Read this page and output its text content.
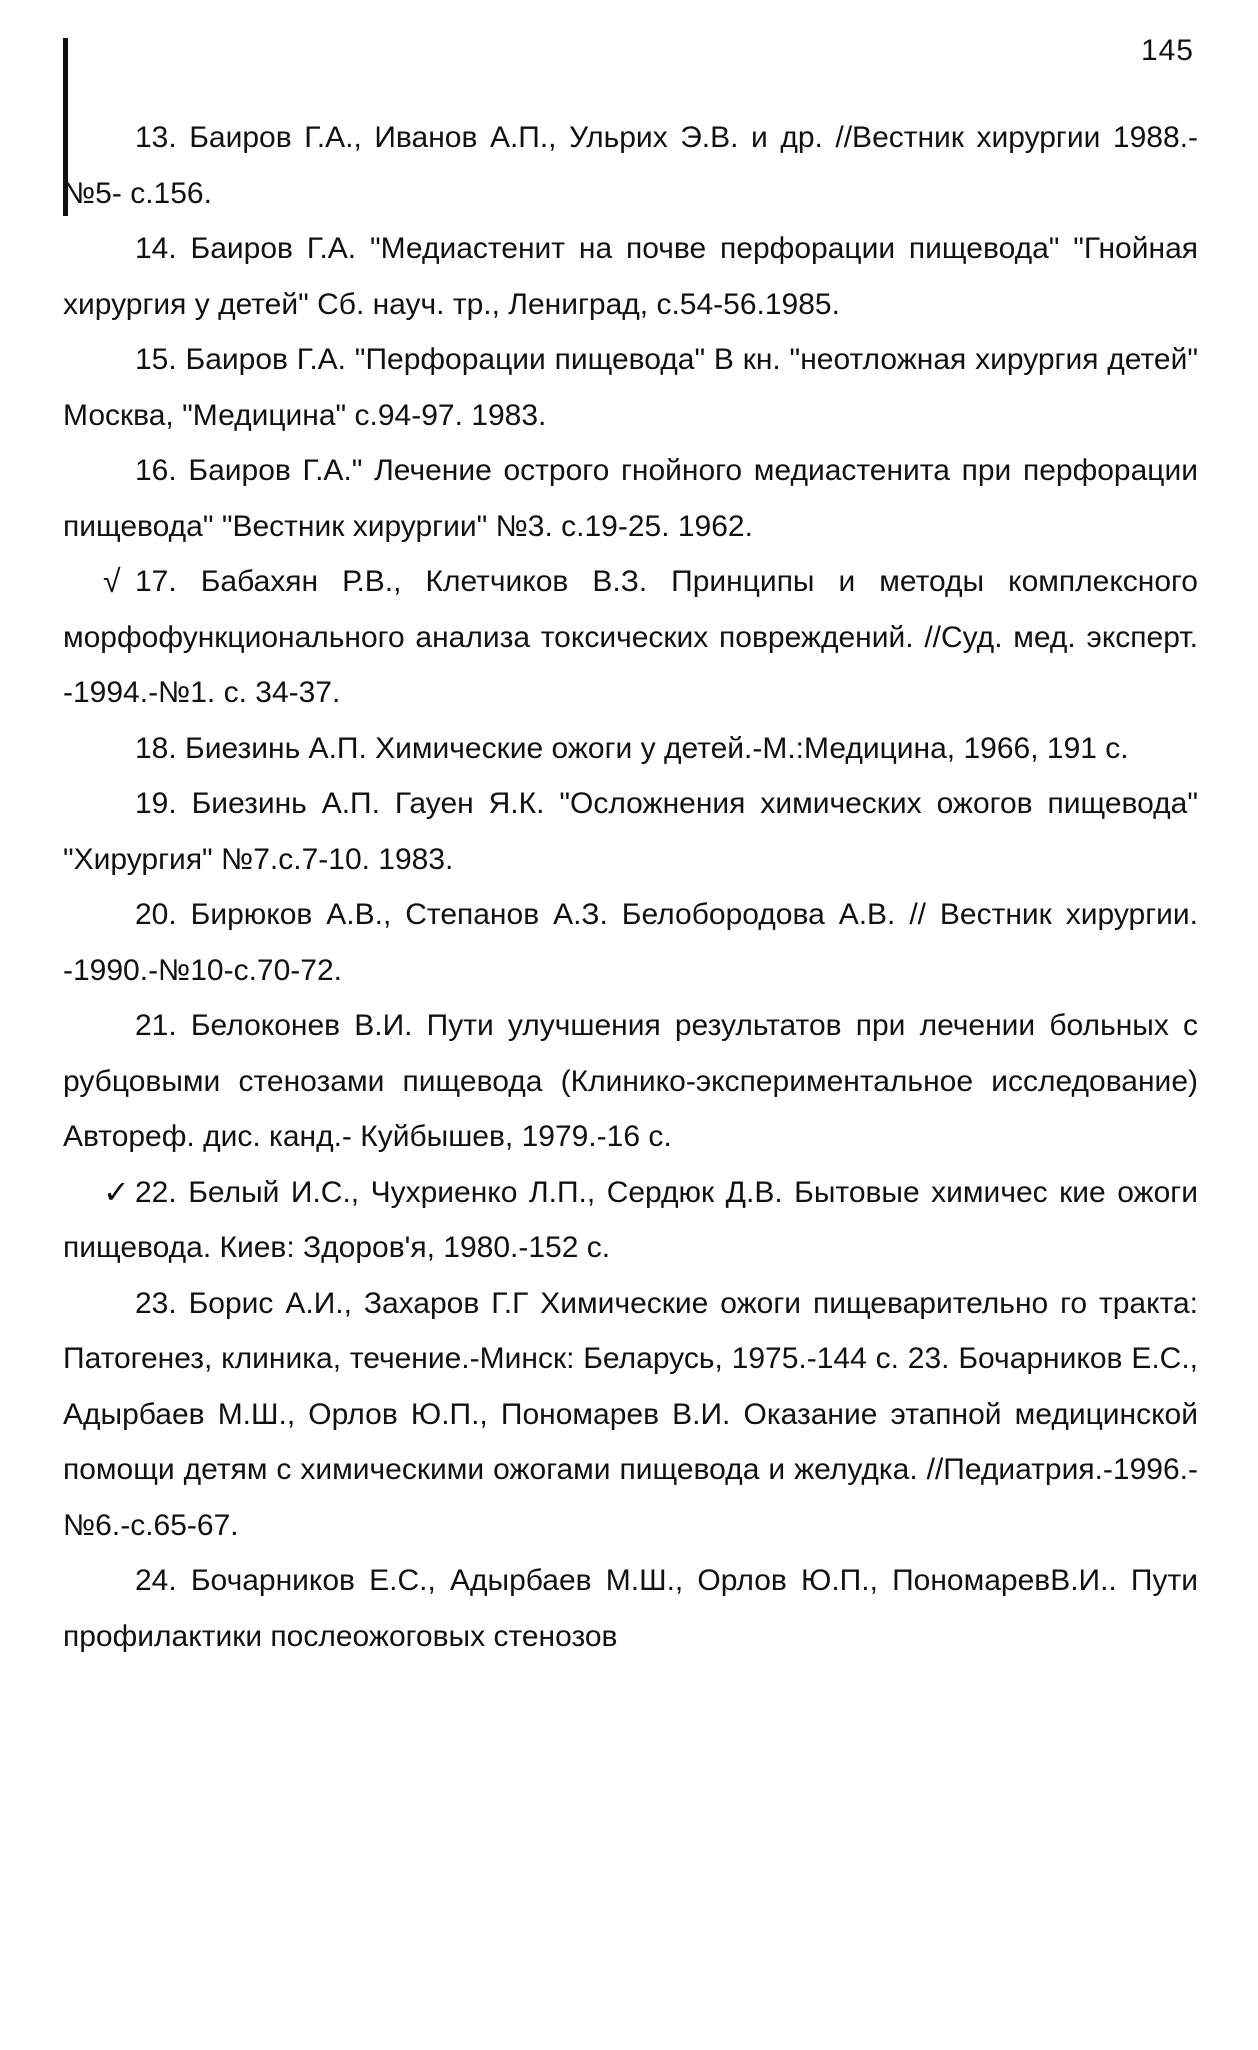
145

13. Баиров Г.А., Иванов А.П., Ульрих Э.В. и др. //Вестник хирургии 1988.- №5- с.156.

14. Баиров Г.А. "Медиастенит на почве перфорации пищевода" "Гнойная хирургия у детей" Сб. науч. тр., Лениград, с.54-56.1985.

15. Баиров Г.А. "Перфорации пищевода" В кн. "неотложная хирургия детей" Москва, "Медицина" с.94-97. 1983.

16. Баиров Г.А." Лечение острого гнойного медиастенита при перфорации пищевода" "Вестник хирургии" №3. с.19-25. 1962.

√ 17. Бабахян Р.В., Клетчиков В.З. Принципы и методы комплексного морфофункционального анализа токсических повреждений. //Суд. мед. эксперт. -1994.-№1. с. 34-37.

18. Биезинь А.П. Химические ожоги у детей.-М.:Медицина, 1966, 191 с.

19. Биезинь А.П. Гауен Я.К. "Осложнения химических ожогов пищевода" "Хирургия" №7.с.7-10. 1983.

20. Бирюков А.В., Степанов А.З. Белобородова А.В. // Вестник хирургии. -1990.-№10-с.70-72.

21. Белоконев В.И. Пути улучшения результатов при лечении больных с рубцовыми стенозами пищевода (Клинико-экспериментальное исследование) Автореф. дис. канд.- Куйбышев, 1979.-16 с.

✓ 22. Белый И.С., Чухриенко Л.П., Сердюк Д.В. Бытовые химичес кие ожоги пищевода. Киев: Здоров'я, 1980.-152 с.

23. Борис А.И., Захаров Г.Г Химические ожоги пищеварительно го тракта: Патогенез, клиника, течение.-Минск: Беларусь, 1975.-144 с. 23. Бочарников Е.С., Адырбаев М.Ш., Орлов Ю.П., Пономарев В.И. Оказание этапной медицинской помощи детям с химическими ожогами пищевода и желудка. //Педиатрия.-1996.-№6.-с.65-67.

24. Бочарников Е.С., Адырбаев М.Ш., Орлов Ю.П., ПономаревВ.И.. Пути профилактики послеожоговых стенозов
